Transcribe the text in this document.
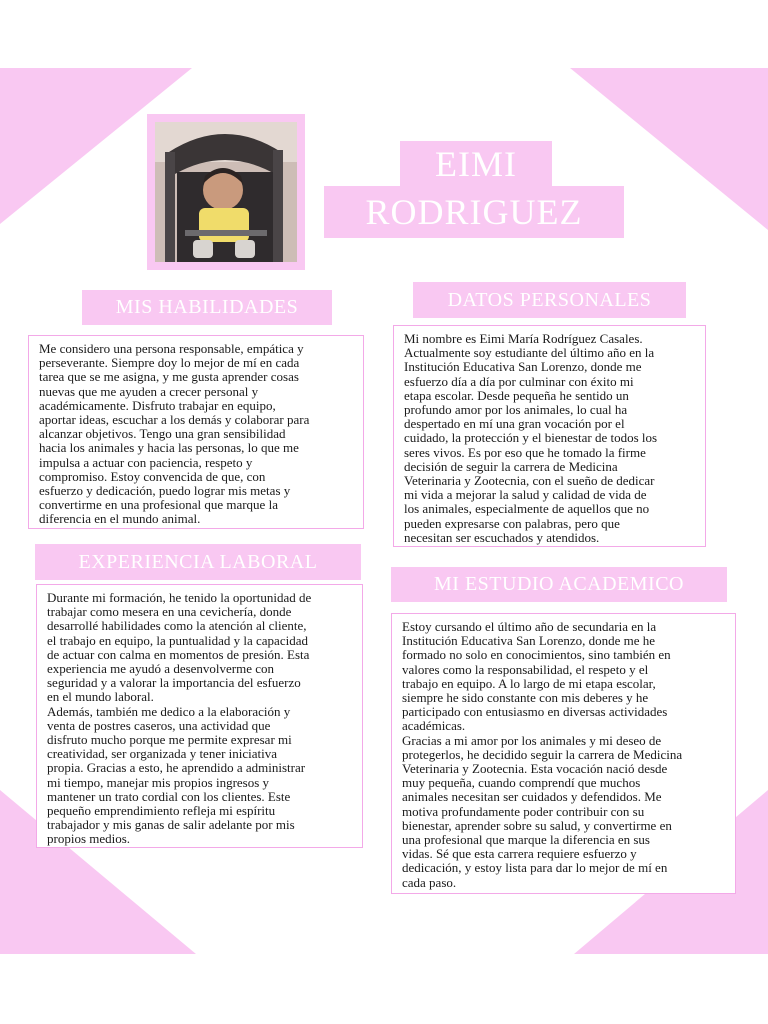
EIMI
RODRIGUEZ
MIS HABILIDADES
Me considero una persona responsable, empática y
perseverante. Siempre doy lo mejor de mí en cada
tarea que se me asigna, y me gusta aprender cosas
nuevas que me ayuden a crecer personal y
académicamente. Disfruto trabajar en equipo,
aportar ideas, escuchar a los demás y colaborar para
alcanzar objetivos. Tengo una gran sensibilidad
hacia los animales y hacia las personas, lo que me
impulsa a actuar con paciencia, respeto y
compromiso. Estoy convencida de que, con
esfuerzo y dedicación, puedo lograr mis metas y
convertirme en una profesional que marque la
diferencia en el mundo animal.
DATOS PERSONALES
Mi nombre es Eimi María Rodríguez Casales.
Actualmente soy estudiante del último año en la
Institución Educativa San Lorenzo, donde me
esfuerzo día a día por culminar con éxito mi
etapa escolar. Desde pequeña he sentido un
profundo amor por los animales, lo cual ha
despertado en mí una gran vocación por el
cuidado, la protección y el bienestar de todos los
seres vivos. Es por eso que he tomado la firme
decisión de seguir la carrera de Medicina
Veterinaria y Zootecnia, con el sueño de dedicar
mi vida a mejorar la salud y calidad de vida de
los animales, especialmente de aquellos que no
pueden expresarse con palabras, pero que
necesitan ser escuchados y atendidos.
EXPERIENCIA LABORAL
Durante mi formación, he tenido la oportunidad de
trabajar como mesera en una cevichería, donde
desarrollé habilidades como la atención al cliente,
el trabajo en equipo, la puntualidad y la capacidad
de actuar con calma en momentos de presión. Esta
experiencia me ayudó a desenvolverme con
seguridad y a valorar la importancia del esfuerzo
en el mundo laboral.
Además, también me dedico a la elaboración y
venta de postres caseros, una actividad que
disfruto mucho porque me permite expresar mi
creatividad, ser organizada y tener iniciativa
propia. Gracias a esto, he aprendido a administrar
mi tiempo, manejar mis propios ingresos y
mantener un trato cordial con los clientes. Este
pequeño emprendimiento refleja mi espíritu
trabajador y mis ganas de salir adelante por mis
propios medios.
MI ESTUDIO ACADEMICO
Estoy cursando el último año de secundaria en la
Institución Educativa San Lorenzo, donde me he
formado no solo en conocimientos, sino también en
valores como la responsabilidad, el respeto y el
trabajo en equipo. A lo largo de mi etapa escolar,
siempre he sido constante con mis deberes y he
participado con entusiasmo en diversas actividades
académicas.
Gracias a mi amor por los animales y mi deseo de
protegerlos, he decidido seguir la carrera de Medicina
Veterinaria y Zootecnia. Esta vocación nació desde
muy pequeña, cuando comprendí que muchos
animales necesitan ser cuidados y defendidos. Me
motiva profundamente poder contribuir con su
bienestar, aprender sobre su salud, y convertirme en
una profesional que marque la diferencia en sus
vidas. Sé que esta carrera requiere esfuerzo y
dedicación, y estoy lista para dar lo mejor de mí en
cada paso.
